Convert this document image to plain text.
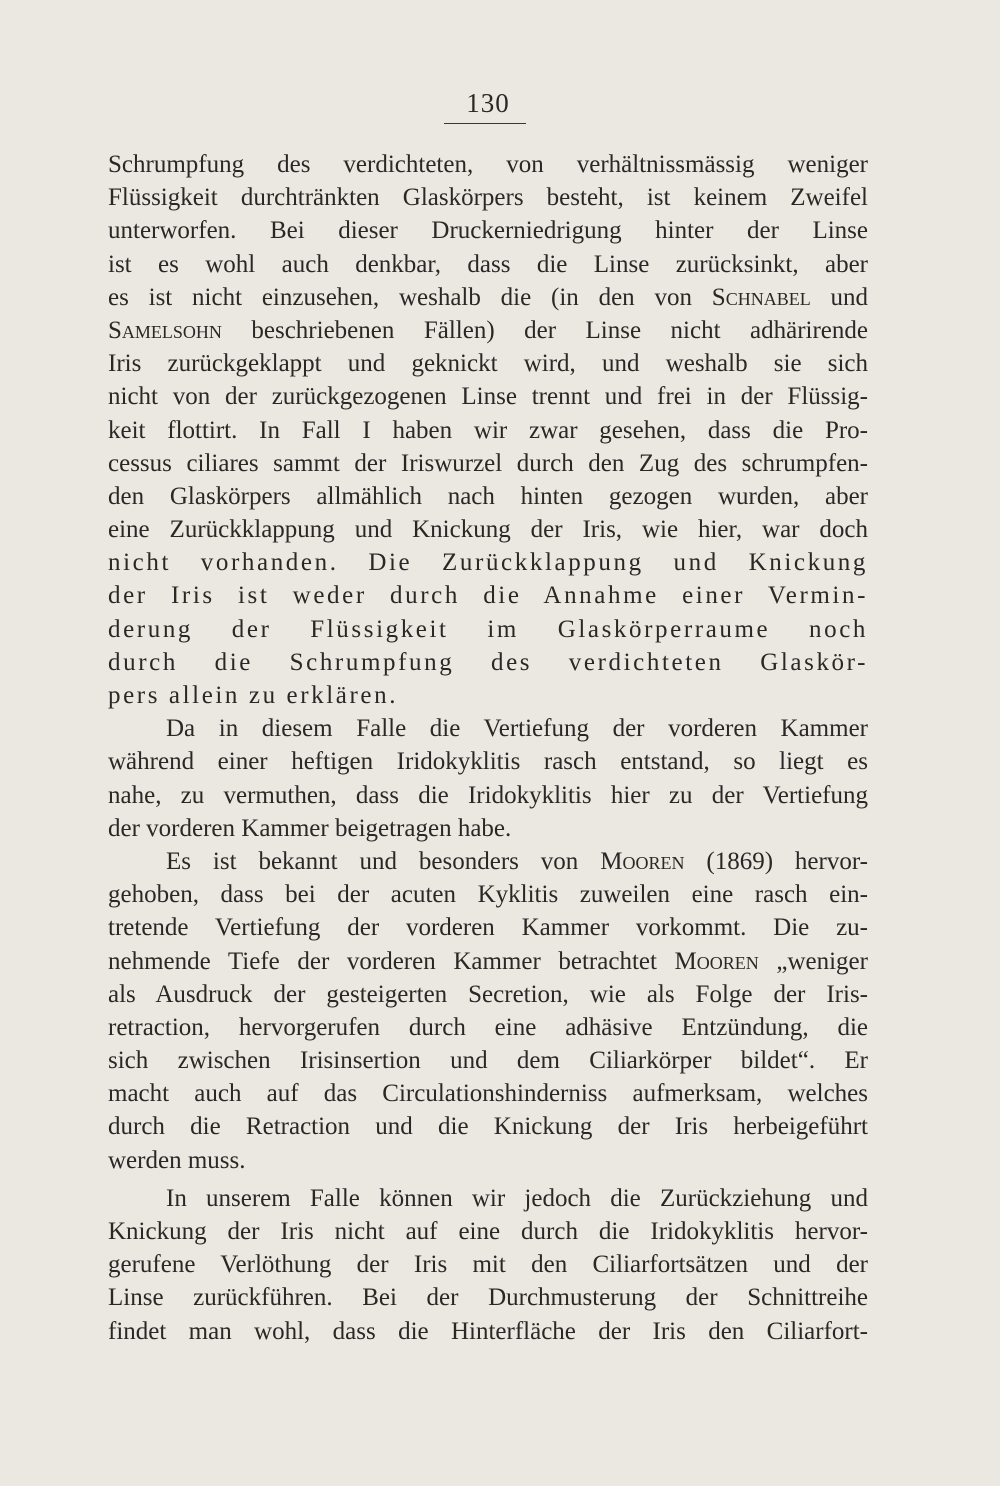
130
Schrumpfung des verdichteten, von verhältnissmässig weniger
Flüssigkeit durchtränkten Glaskörpers besteht, ist keinem Zweifel
unterworfen. Bei dieser Druckerniedrigung hinter der Linse
ist es wohl auch denkbar, dass die Linse zurücksinkt, aber
es ist nicht einzusehen, weshalb die (in den von Schnabel und
Samelsohn beschriebenen Fällen) der Linse nicht adhärirende
Iris zurückgeklappt und geknickt wird, und weshalb sie sich
nicht von der zurückgezogenen Linse trennt und frei in der Flüssig-
keit flottirt. In Fall I haben wir zwar gesehen, dass die Pro-
cessus ciliares sammt der Iriswurzel durch den Zug des schrumpfen-
den Glaskörpers allmählich nach hinten gezogen wurden, aber
eine Zurückklappung und Knickung der Iris, wie hier, war doch
nicht vorhanden. Die Zurückklappung und Knickung
der Iris ist weder durch die Annahme einer Vermin-
derung der Flüssigkeit im Glaskörperraume noch
durch die Schrumpfung des verdichteten Glaskör-
pers allein zu erklären.
Da in diesem Falle die Vertiefung der vorderen Kammer
während einer heftigen Iridokyklitis rasch entstand, so liegt es
nahe, zu vermuthen, dass die Iridokyklitis hier zu der Vertiefung
der vorderen Kammer beigetragen habe.
Es ist bekannt und besonders von Mooren (1869) hervor-
gehoben, dass bei der acuten Kyklitis zuweilen eine rasch ein-
tretende Vertiefung der vorderen Kammer vorkommt. Die zu-
nehmende Tiefe der vorderen Kammer betrachtet Mooren „weniger
als Ausdruck der gesteigerten Secretion, wie als Folge der Iris-
retraction, hervorgerufen durch eine adhäsive Entzündung, die
sich zwischen Irisinsertion und dem Ciliarkörper bildet“. Er
macht auch auf das Circulationshinderniss aufmerksam, welches
durch die Retraction und die Knickung der Iris herbeigeführt
werden muss.
In unserem Falle können wir jedoch die Zurückziehung und
Knickung der Iris nicht auf eine durch die Iridokyklitis hervor-
gerufene Verlöthung der Iris mit den Ciliarfortsätzen und der
Linse zurückführen. Bei der Durchmusterung der Schnittreihe
findet man wohl, dass die Hinterfläche der Iris den Ciliarfort-
